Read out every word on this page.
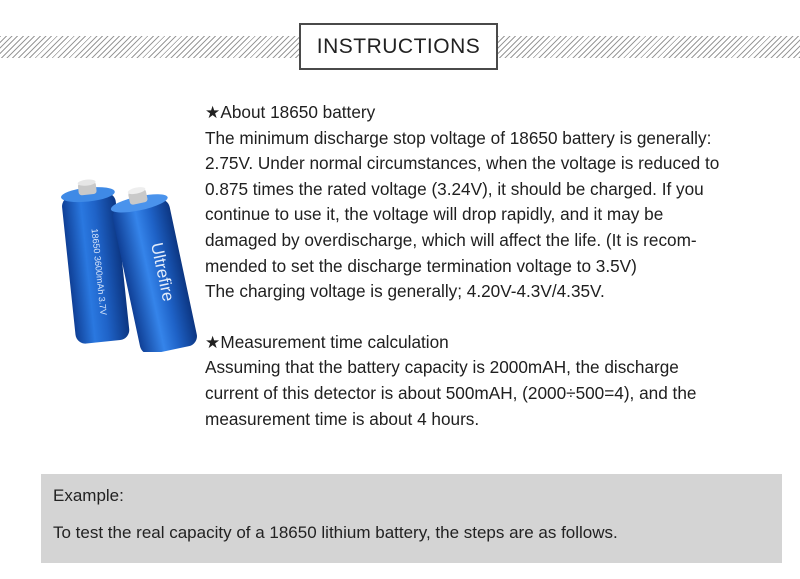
INSTRUCTIONS
18650 3600mAh 3.7V Ultrefire

★About 18650 battery

The minimum discharge stop voltage of 18650 battery is generally:

2.75V. Under normal circumstances, when the voltage is reduced to

0.875 times the rated voltage (3.24V), it should be charged. If you

continue to use it, the voltage will drop rapidly, and it may be

damaged by overdischarge, which will affect the life. (It is recom-

mended to set the discharge termination voltage to 3.5V)

The charging voltage is generally; 4.20V-4.3V/4.35V.

★Measurement time calculation

Assuming that the battery capacity is 2000mAH, the discharge

current of this detector is about 500mAH, (2000÷500=4), and the

measurement time is about 4 hours.

Example:
To test the real capacity of a 18650 lithium battery, the steps are as follows.
